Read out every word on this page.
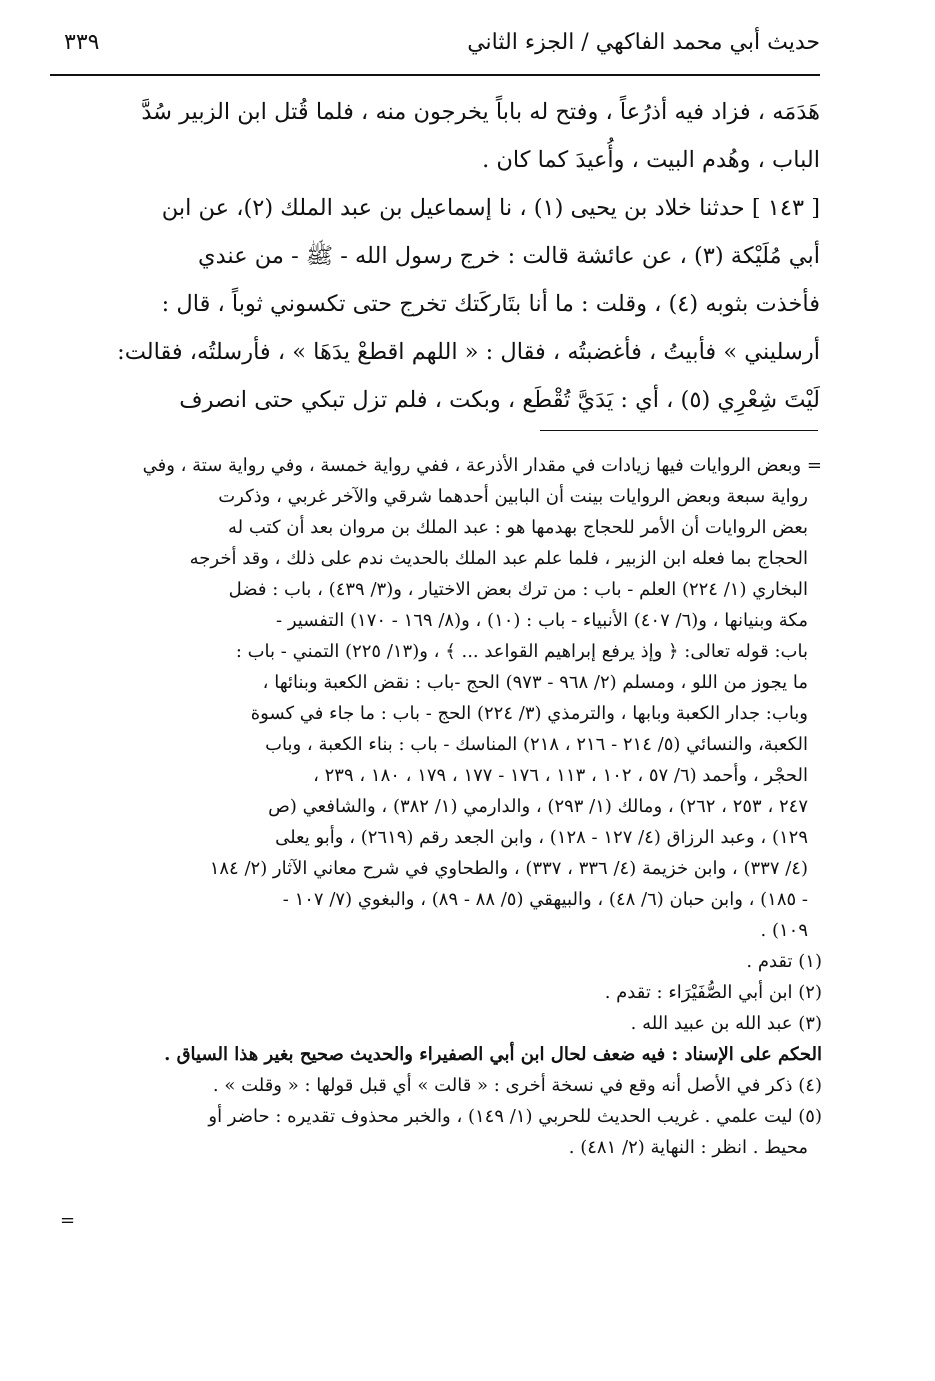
حديث أبي محمد الفاكهي / الجزء الثاني
٣٣٩
هَدَمَه ، فزاد فيه أذرُعاً ، وفتح له باباً يخرجون منه ، فلما قُتل ابن الزبير سُدَّ
الباب ، وهُدم البيت ، وأُعيدَ كما كان .
[ ١٤٣ ] حدثنا خلاد بن يحيى (١) ، نا إسماعيل بن عبد الملك (٢)، عن ابن
أبي مُلَيْكة (٣) ، عن عائشة قالت : خرج رسول الله - ﷺ - من عندي
فأخذت بثوبه (٤) ، وقلت : ما أنا بتَاركَتك تخرج حتى تكسوني ثوباً ، قال :
أرسليني » فأبيتُ ، فأغضبتُه ، فقال : « اللهم اقطعْ يدَهَا » ، فأرسلتُه، فقالت:
لَيْتَ شِعْرِي (٥) ، أي : يَدَيَّ تُقْطَع ، وبكت ، فلم تزل تبكي حتى انصرف
= وبعض الروايات فيها زيادات في مقدار الأذرعة ، ففي رواية خمسة ، وفي رواية ستة ، وفي
رواية سبعة وبعض الروايات بينت أن البابين أحدهما شرقي والآخر غربي ، وذكرت
بعض الروايات أن الأمر للحجاج بهدمها هو : عبد الملك بن مروان بعد أن كتب له
الحجاج بما فعله ابن الزبير ، فلما علم عبد الملك بالحديث ندم على ذلك ، وقد أخرجه
البخاري (١/ ٢٢٤) العلم - باب : من ترك بعض الاختيار ، و(٣/ ٤٣٩) ، باب : فضل
مكة وبنيانها ، و(٦/ ٤٠٧) الأنبياء - باب : (١٠) ، و(٨/ ١٦٩ - ١٧٠) التفسير -
باب: قوله تعالى: ﴿ وإذ يرفع إبراهيم القواعد ... ﴾ ، و(١٣/ ٢٢٥) التمني - باب :
ما يجوز من اللو ، ومسلم (٢/ ٩٦٨ - ٩٧٣) الحج -باب : نقض الكعبة وبنائها ،
وباب: جدار الكعبة وبابها ، والترمذي (٣/ ٢٢٤) الحج - باب : ما جاء في كسوة
الكعبة، والنسائي (٥/ ٢١٤ - ٢١٦ ، ٢١٨) المناسك - باب : بناء الكعبة ، وباب
الحجْر ، وأحمد (٦/ ٥٧ ، ١٠٢ ، ١١٣ ، ١٧٦ - ١٧٧ ، ١٧٩ ، ١٨٠ ، ٢٣٩ ،
٢٤٧ ، ٢٥٣ ، ٢٦٢) ، ومالك (١/ ٢٩٣) ، والدارمي (١/ ٣٨٢) ، والشافعي (ص
١٢٩) ، وعبد الرزاق (٤/ ١٢٧ - ١٢٨) ، وابن الجعد رقم (٢٦١٩) ، وأبو يعلى
(٤/ ٣٣٧) ، وابن خزيمة (٤/ ٣٣٦ ، ٣٣٧) ، والطحاوي في شرح معاني الآثار (٢/ ١٨٤
- ١٨٥) ، وابن حبان (٦/ ٤٨) ، والبيهقي (٥/ ٨٨ - ٨٩) ، والبغوي (٧/ ١٠٧ -
١٠٩) .
(١) تقدم .
(٢) ابن أبي الصُّفَيْرَاء : تقدم .
(٣) عبد الله بن عبيد الله .
الحكم على الإسناد : فيه ضعف لحال ابن أبي الصفيراء والحديث صحيح بغير هذا السياق .
(٤) ذكر في الأصل أنه وقع في نسخة أخرى : « قالت » أي قبل قولها : « وقلت » .
(٥) ليت علمي . غريب الحديث للحربي (١/ ١٤٩) ، والخبر محذوف تقديره : حاضر أو
محيط . انظر : النهاية (٢/ ٤٨١) .
=
